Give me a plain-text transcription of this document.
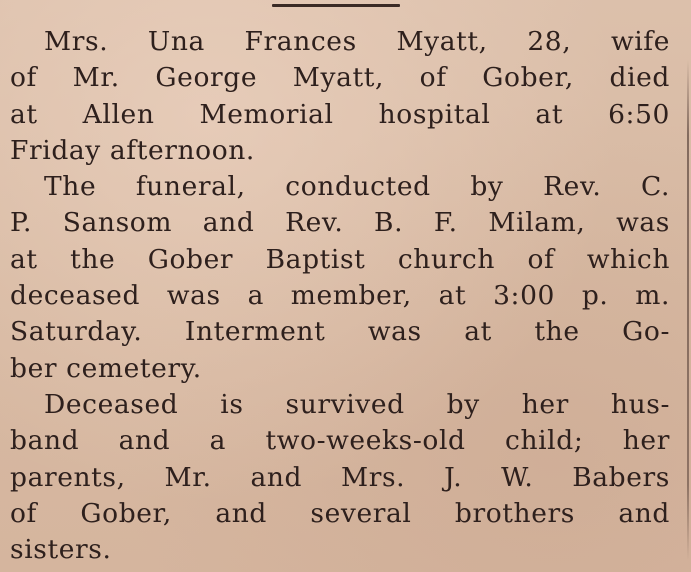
Mrs. Una Frances Myatt, 28, wife
of Mr. George Myatt, of Gober, died
at Allen Memorial hospital at 6:50
Friday afternoon.
The funeral, conducted by Rev. C.
P. Sansom and Rev. B. F. Milam, was
at the Gober Baptist church of which
deceased was a member, at 3:00 p. m.
Saturday. Interment was at the Go-
ber cemetery.
Deceased is survived by her hus-
band and a two-weeks-old child; her
parents, Mr. and Mrs. J. W. Babers
of Gober, and several brothers and
sisters.
